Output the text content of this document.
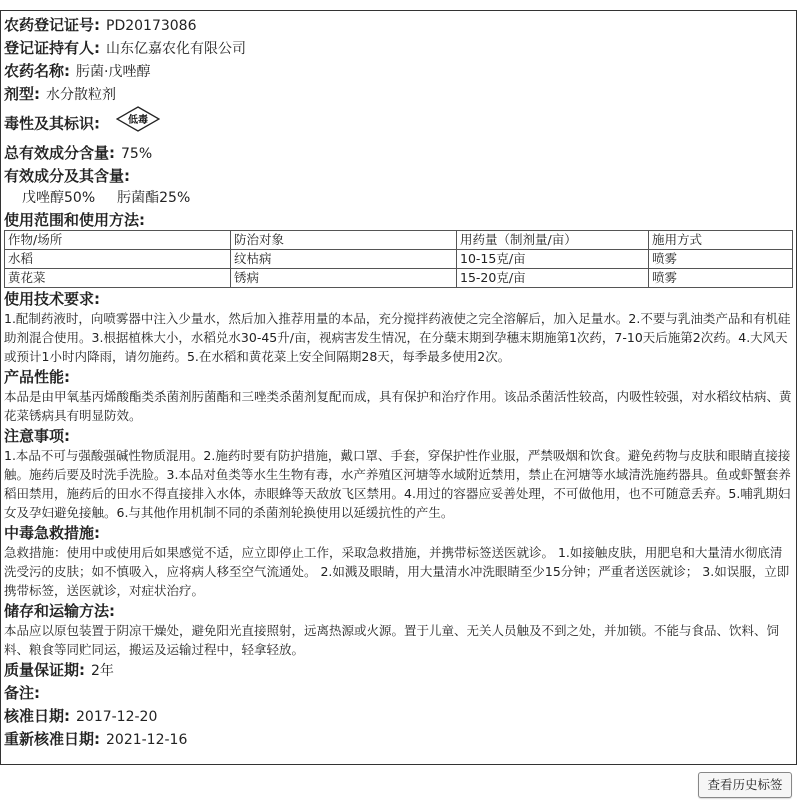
农药登记证号: PD20173086
登记证持有人: 山东亿嘉农化有限公司
农药名称: 肟菌·戊唑醇
剂型: 水分散粒剂
毒性及其标识:	低毒
总有效成分含量: 75%
有效成分及其含量:
戊唑醇50% 肟菌酯25%
使用范围和使用方法:
作物/场所	防治对象	用药量（制剂量/亩）	施用方式
水稻	纹枯病	10-15克/亩	喷雾
黄花菜	锈病	15-20克/亩	喷雾
使用技术要求:
1.配制药液时，向喷雾器中注入少量水，然后加入推荐用量的本品，充分搅拌药液使之完全溶解后，加入足量水。2.不要与乳油类产品和有机硅助剂混合使用。3.根据植株大小，水稻兑水30-45升/亩，视病害发生情况，在分蘖末期到孕穗末期施第1次药，7-10天后施第2次药。4.大风天或预计1小时内降雨，请勿施药。5.在水稻和黄花菜上安全间隔期28天，每季最多使用2次。
产品性能:
本品是由甲氧基丙烯酸酯类杀菌剂肟菌酯和三唑类杀菌剂复配而成，具有保护和治疗作用。该品杀菌活性较高，内吸性较强，对水稻纹枯病、黄花菜锈病具有明显防效。
注意事项:
1.本品不可与强酸强碱性物质混用。2.施药时要有防护措施，戴口罩、手套，穿保护性作业服，严禁吸烟和饮食。避免药物与皮肤和眼睛直接接触。施药后要及时洗手洗脸。3.本品对鱼类等水生生物有毒，水产养殖区河塘等水域附近禁用，禁止在河塘等水域清洗施药器具。鱼或虾蟹套养稻田禁用，施药后的田水不得直接排入水体，赤眼蜂等天敌放飞区禁用。4.用过的容器应妥善处理，不可做他用，也不可随意丢弃。5.哺乳期妇女及孕妇避免接触。6.与其他作用机制不同的杀菌剂轮换使用以延缓抗性的产生。
中毒急救措施:
急救措施：使用中或使用后如果感觉不适，应立即停止工作，采取急救措施，并携带标签送医就诊。 1.如接触皮肤，用肥皂和大量清水彻底清洗受污的皮肤；如不慎吸入，应将病人移至空气流通处。 2.如溅及眼睛，用大量清水冲洗眼睛至少15分钟；严重者送医就诊； 3.如误服，立即携带标签，送医就诊，对症状治疗。
储存和运输方法:
本品应以原包装置于阴凉干燥处，避免阳光直接照射，远离热源或火源。置于儿童、无关人员触及不到之处，并加锁。不能与食品、饮料、饲料、粮食等同贮同运，搬运及运输过程中，轻拿轻放。
质量保证期: 2年
备注:
核准日期: 2017-12-20
重新核准日期: 2021-12-16
查看历史标签
